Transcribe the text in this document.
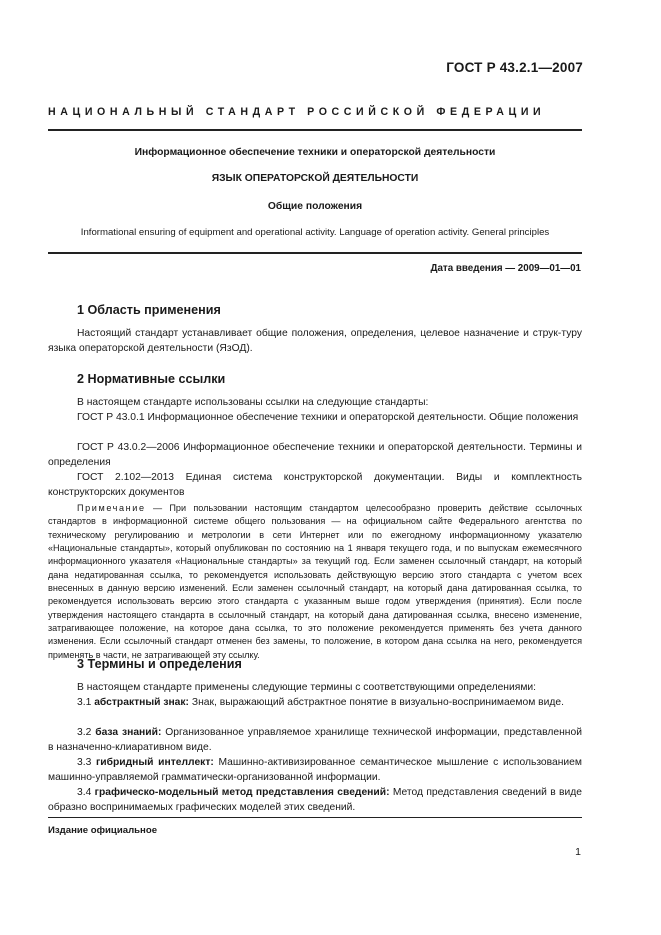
ГОСТ Р 43.2.1—2007
НАЦИОНАЛЬНЫЙ СТАНДАРТ РОССИЙСКОЙ ФЕДЕРАЦИИ
Информационное обеспечение техники и операторской деятельности
ЯЗЫК ОПЕРАТОРСКОЙ ДЕЯТЕЛЬНОСТИ
Общие положения
Informational ensuring of equipment and operational activity. Language of operation activity. General principles
Дата введения — 2009—01—01
1 Область применения
Настоящий стандарт устанавливает общие положения, определения, целевое назначение и струк-туру языка операторской деятельности (ЯзОД).
2 Нормативные ссылки
В настоящем стандарте использованы ссылки на следующие стандарты:
ГОСТ Р 43.0.1 Информационное обеспечение техники и операторской деятельности. Общие положения
ГОСТ Р 43.0.2—2006 Информационное обеспечение техники и операторской деятельности. Термины и определения
ГОСТ 2.102—2013 Единая система конструкторской документации. Виды и комплектность конструкторских документов
Примечание — При пользовании настоящим стандартом целесообразно проверить действие ссылочных стандартов в информационной системе общего пользования — на официальном сайте Федерального агентства по техническому регулированию и метрологии в сети Интернет или по ежегодному информационному указателю «Национальные стандарты», который опубликован по состоянию на 1 января текущего года, и по выпускам ежемесячного информационного указателя «Национальные стандарты» за текущий год. Если заменен ссылочный стандарт, на который дана недатированная ссылка, то рекомендуется использовать действующую версию этого стандарта с учетом всех внесенных в данную версию изменений. Если заменен ссылочный стандарт, на который дана датированная ссылка, то рекомендуется использовать версию этого стандарта с указанным выше годом утверждения (принятия). Если после утверждения настоящего стандарта в ссылочный стандарт, на который дана датированная ссылка, внесено изменение, затрагивающее положение, на которое дана ссылка, то это положение рекомендуется применять без учета данного изменения. Если ссылочный стандарт отменен без замены, то положение, в котором дана ссылка на него, рекомендуется применять в части, не затрагивающей эту ссылку.
3 Термины и определения
В настоящем стандарте применены следующие термины с соответствующими определениями:
3.1 абстрактный знак: Знак, выражающий абстрактное понятие в визуально-воспринимаемом виде.
3.2 база знаний: Организованное управляемое хранилище технической информации, представленной в назначенно-клиаративном виде.
3.3 гибридный интеллект: Машинно-активизированное семантическое мышление с использованием машинно-управляемой грамматически-организованной информации.
3.4 графическо-модельный метод представления сведений: Метод представления сведений в виде образно воспринимаемых графических моделей этих сведений.
Издание официальное
1
